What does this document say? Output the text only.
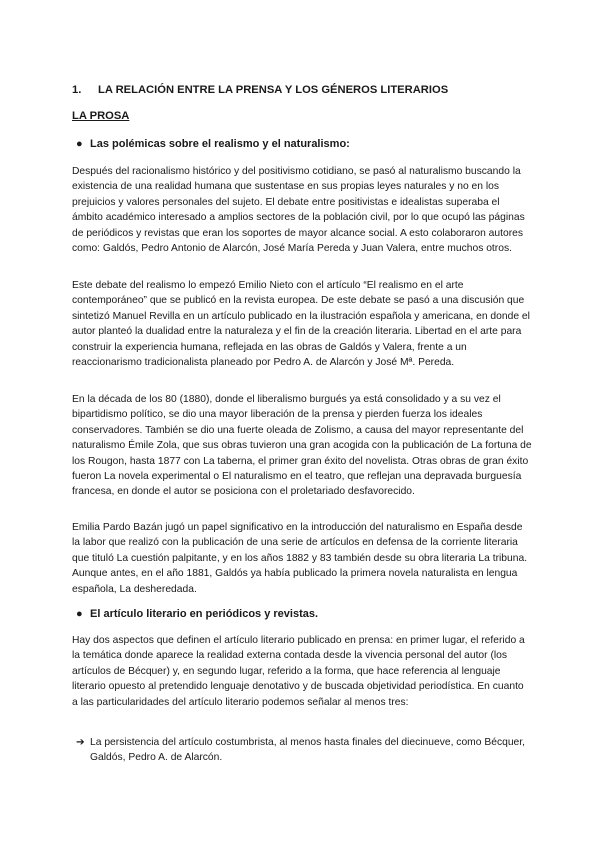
1. LA RELACIÓN ENTRE LA PRENSA Y LOS GÉNEROS LITERARIOS
LA PROSA
● Las polémicas sobre el realismo y el naturalismo:

Después del racionalismo histórico y del positivismo cotidiano, se pasó al naturalismo buscando la existencia de una realidad humana que sustentase en sus propias leyes naturales y no en los prejuicios y valores personales del sujeto. El debate entre positivistas e idealistas superaba el ámbito académico interesado a amplios sectores de la población civil, por lo que ocupó las páginas de periódicos y revistas que eran los soportes de mayor alcance social. A esto colaboraron autores como: Galdós, Pedro Antonio de Alarcón, José María Pereda y Juan Valera, entre muchos otros.

Este debate del realismo lo empezó Emilio Nieto con el artículo “El realismo en el arte contemporáneo” que se publicó en la revista europea. De este debate se pasó a una discusión que sintetizó Manuel Revilla en un artículo publicado en la ilustración española y americana, en donde el autor planteó la dualidad entre la naturaleza y el fin de la creación literaria. Libertad en el arte para construir la experiencia humana, reflejada en las obras de Galdós y Valera, frente a un reaccionarismo tradicionalista planeado por Pedro A. de Alarcón y José Mª. Pereda.

En la década de los 80 (1880), donde el liberalismo burgués ya está consolidado y a su vez el bipartidismo político, se dio una mayor liberación de la prensa y pierden fuerza los ideales conservadores. También se dio una fuerte oleada de Zolismo, a causa del mayor representante del naturalismo Émile Zola, que sus obras tuvieron una gran acogida con la publicación de La fortuna de los Rougon, hasta 1877 con La taberna, el primer gran éxito del novelista. Otras obras de gran éxito fueron La novela experimental o El naturalismo en el teatro, que reflejan una depravada burguesía francesa, en donde el autor se posiciona con el proletariado desfavorecido.

Emilia Pardo Bazán jugó un papel significativo en la introducción del naturalismo en España desde la labor que realizó con la publicación de una serie de artículos en defensa de la corriente literaria que tituló La cuestión palpitante, y en los años 1882 y 83 también desde su obra literaria La tribuna. Aunque antes, en el año 1881, Galdós ya había publicado la primera novela naturalista en lengua española, La desheredada.

● El artículo literario en periódicos y revistas.

Hay dos aspectos que definen el artículo literario publicado en prensa: en primer lugar, el referido a la temática donde aparece la realidad externa contada desde la vivencia personal del autor (los artículos de Bécquer) y, en segundo lugar, referido a la forma, que hace referencia al lenguaje literario opuesto al pretendido lenguaje denotativo y de buscada objetividad periodística. En cuanto a las particularidades del artículo literario podemos señalar al menos tres:

➔ La persistencia del artículo costumbrista, al menos hasta finales del diecinueve, como Bécquer, Galdós, Pedro A. de Alarcón.
